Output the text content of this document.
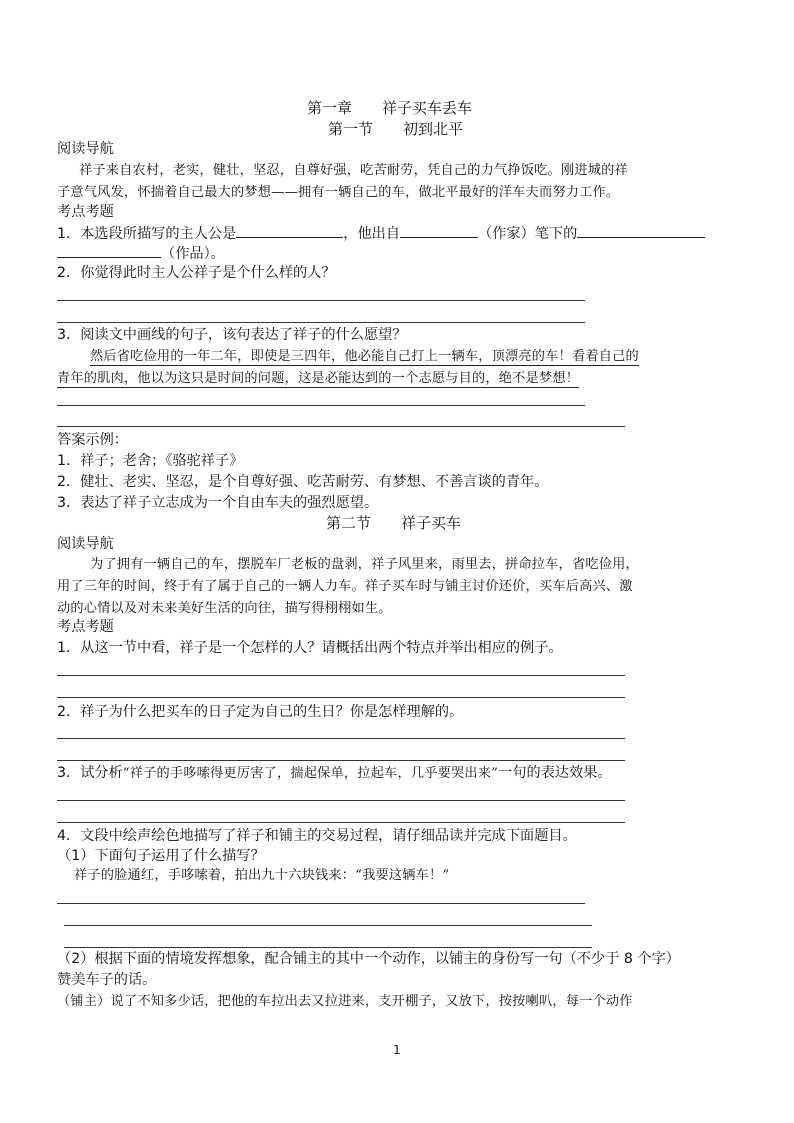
第一章　　祥子买车丢车
第一节　　初到北平
阅读导航
祥子来自农村，老实，健壮，坚忍，自尊好强，吃苦耐劳，凭自己的力气挣饭吃。刚进城的祥
子意气风发，怀揣着自己最大的梦想——拥有一辆自己的车，做北平最好的洋车夫而努力工作。
考点考题
1．本选段所描写的主人公是	，他出自	（作家）笔下的
（作品）。
2．你觉得此时主人公祥子是个什么样的人？
3．阅读文中画线的句子，该句表达了祥子的什么愿望？
然后省吃俭用的一年二年，即使是三四年，他必能自己打上一辆车，顶漂亮的车！看着自己的
青年的肌肉，他以为这只是时间的问题，这是必能达到的一个志愿与目的，绝不是梦想！
答案示例：
1．祥子；老舍；《骆驼祥子》
2．健壮、老实、坚忍，是个自尊好强、吃苦耐劳、有梦想、不善言谈的青年。
3．表达了祥子立志成为一个自由车夫的强烈愿望。
第二节　　祥子买车
阅读导航
为了拥有一辆自己的车，摆脱车厂老板的盘剥，祥子风里来，雨里去，拼命拉车，省吃俭用，
用了三年的时间，终于有了属于自己的一辆人力车。祥子买车时与铺主讨价还价，买车后高兴、激
动的心情以及对未来美好生活的向往，描写得栩栩如生。
考点考题
1．从这一节中看，祥子是一个怎样的人？请概括出两个特点并举出相应的例子。
2．祥子为什么把买车的日子定为自己的生日？你是怎样理解的。
3．试分析“祥子的手哆嗦得更厉害了，揣起保单，拉起车，几乎要哭出来”一句的表达效果。
4．文段中绘声绘色地描写了祥子和铺主的交易过程，请仔细品读并完成下面题目。
（1）下面句子运用了什么描写？
祥子的脸通红，手哆嗦着，拍出九十六块钱来：“我要这辆车！”
（2）根据下面的情境发挥想象，配合铺主的其中一个动作，以铺主的身份写一句（不少于 8 个字）
赞美车子的话。
（铺主）说了不知多少话，把他的车拉出去又拉进来，支开棚子，又放下，按按喇叭，每一个动作
1
